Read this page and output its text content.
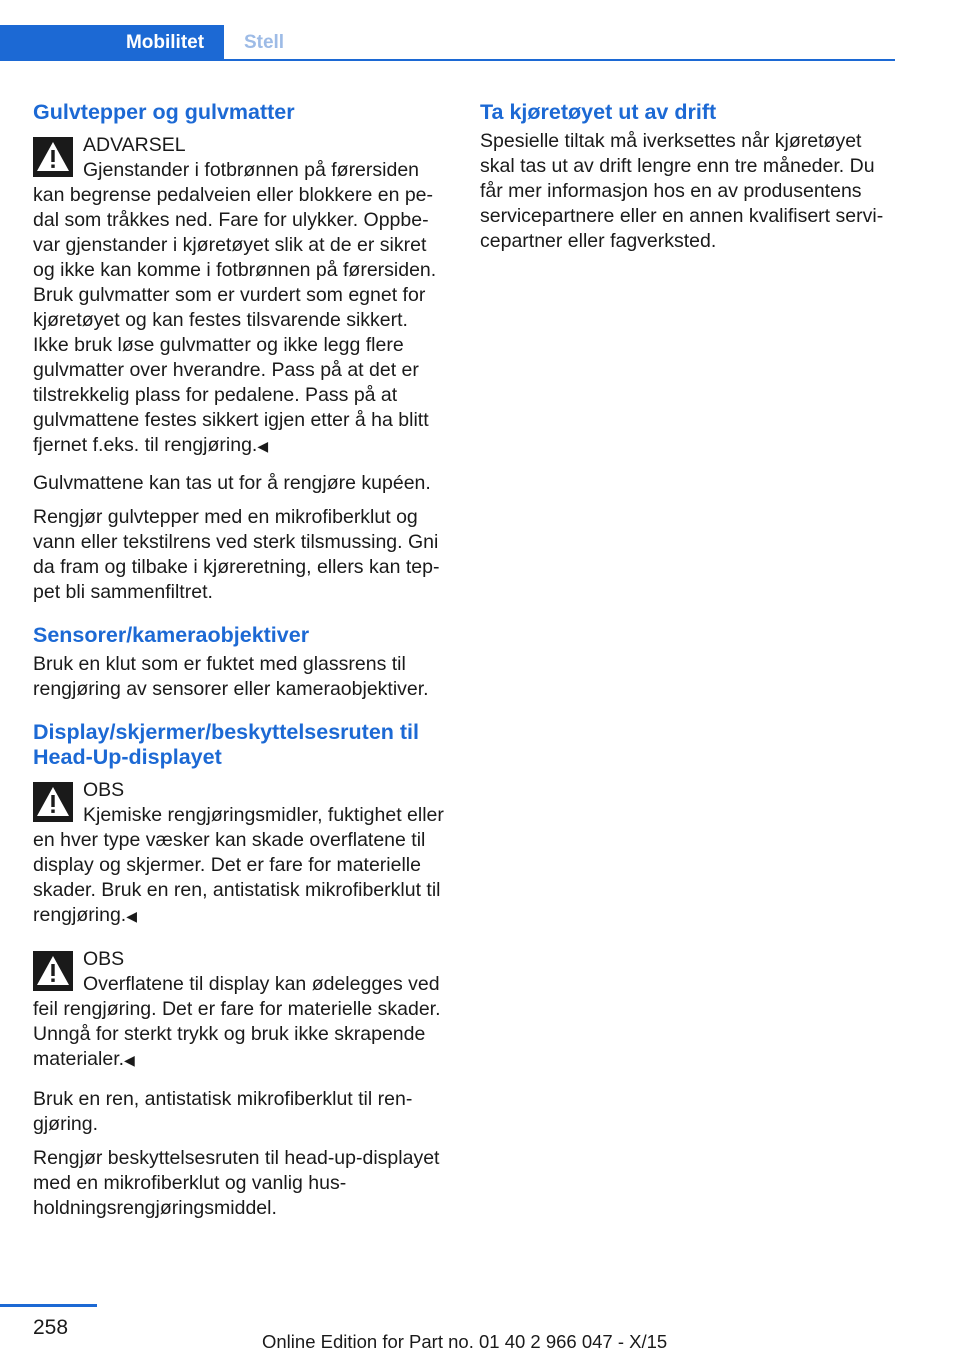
Mobilitet	Stell
Gulvtepper og gulvmatter
ADVARSEL
Gjenstander i fotbrønnen på førersiden kan begrense pedalveien eller blokkere en pedal som tråkkes ned. Fare for ulykker. Oppbevar gjenstander i kjøretøyet slik at de er sikret og ikke kan komme i fotbrønnen på førersiden. Bruk gulvmatter som er vurdert som egnet for kjøretøyet og kan festes tilsvarende sikkert. Ikke bruk løse gulvmatter og ikke legg flere gulvmatter over hverandre. Pass på at det er tilstrekkelig plass for pedalene. Pass på at gulvmattene festes sikkert igjen etter å ha blitt fjernet f.eks. til rengjøring.◀

Gulvmattene kan tas ut for å rengjøre kupéen.

Rengjør gulvtepper med en mikrofiberklut og vann eller tekstilrens ved sterk tilsmussing. Gni da fram og tilbake i kjøreretning, ellers kan teppet bli sammenfiltret.

Sensorer/kameraobjektiver

Bruk en klut som er fuktet med glassrens til rengjøring av sensorer eller kameraobjektiver.

Display/skjermer/beskyttelsesruten til Head-Up-displayet
OBS
Kjemiske rengjøringsmidler, fuktighet eller en hver type væsker kan skade overflatene til display og skjermer. Det er fare for materielle skader. Bruk en ren, antistatisk mikrofiberklut til rengjøring.◀
OBS
Overflatene til display kan ødelegges ved feil rengjøring. Det er fare for materielle skader. Unngå for sterkt trykk og bruk ikke skrapende materialer.◀

Bruk en ren, antistatisk mikrofiberklut til rengjøring.

Rengjør beskyttelsesruten til head-up-displayet med en mikrofiberklut og vanlig husholdningsrengjøringsmiddel.

Ta kjøretøyet ut av drift

Spesielle tiltak må iverksettes når kjøretøyet skal tas ut av drift lengre enn tre måneder. Du får mer informasjon hos en av produsentens servicepartnere eller en annen kvalifisert servicepartner eller fagverksted.

258
Online Edition for Part no. 01 40 2 966 047 - X/15
